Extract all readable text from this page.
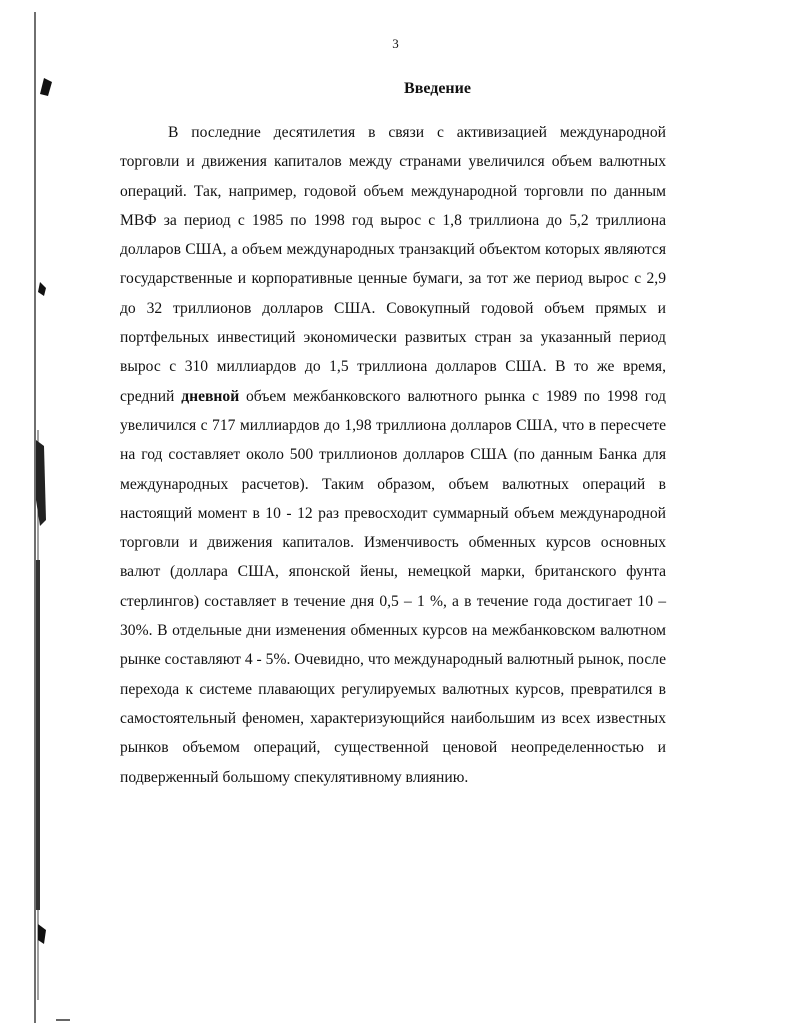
3
Введение

В последние десятилетия в связи с активизацией международной торговли и движения капиталов между странами увеличился объем валютных операций. Так, например, годовой объем международной торговли по данным МВФ за период с 1985 по 1998 год вырос с 1,8 триллиона до 5,2 триллиона долларов США, а объем международных транзакций объектом которых являются государственные и корпоративные ценные бумаги, за тот же период вырос с 2,9 до 32 триллионов долларов США. Совокупный годовой объем прямых и портфельных инвестиций экономически развитых стран за указанный период вырос с 310 миллиардов до 1,5 триллиона долларов США. В то же время, средний дневной объем межбанковского валютного рынка с 1989 по 1998 год увеличился с 717 миллиардов до 1,98 триллиона долларов США, что в пересчете на год составляет около 500 триллионов долларов США (по данным Банка для международных расчетов). Таким образом, объем валютных операций в настоящий момент в 10 - 12 раз превосходит суммарный объем международной торговли и движения капиталов. Изменчивость обменных курсов основных валют (доллара США, японской йены, немецкой марки, британского фунта стерлингов) составляет в течение дня 0,5 – 1 %, а в течение года достигает 10 – 30%. В отдельные дни изменения обменных курсов на межбанковском валютном рынке составляют 4 - 5%. Очевидно, что международный валютный рынок, после перехода к системе плавающих регулируемых валютных курсов, превратился в самостоятельный феномен, характеризующийся наибольшим из всех известных рынков объемом операций, существенной ценовой неопределенностью и подверженный большому спекулятивному влиянию.
